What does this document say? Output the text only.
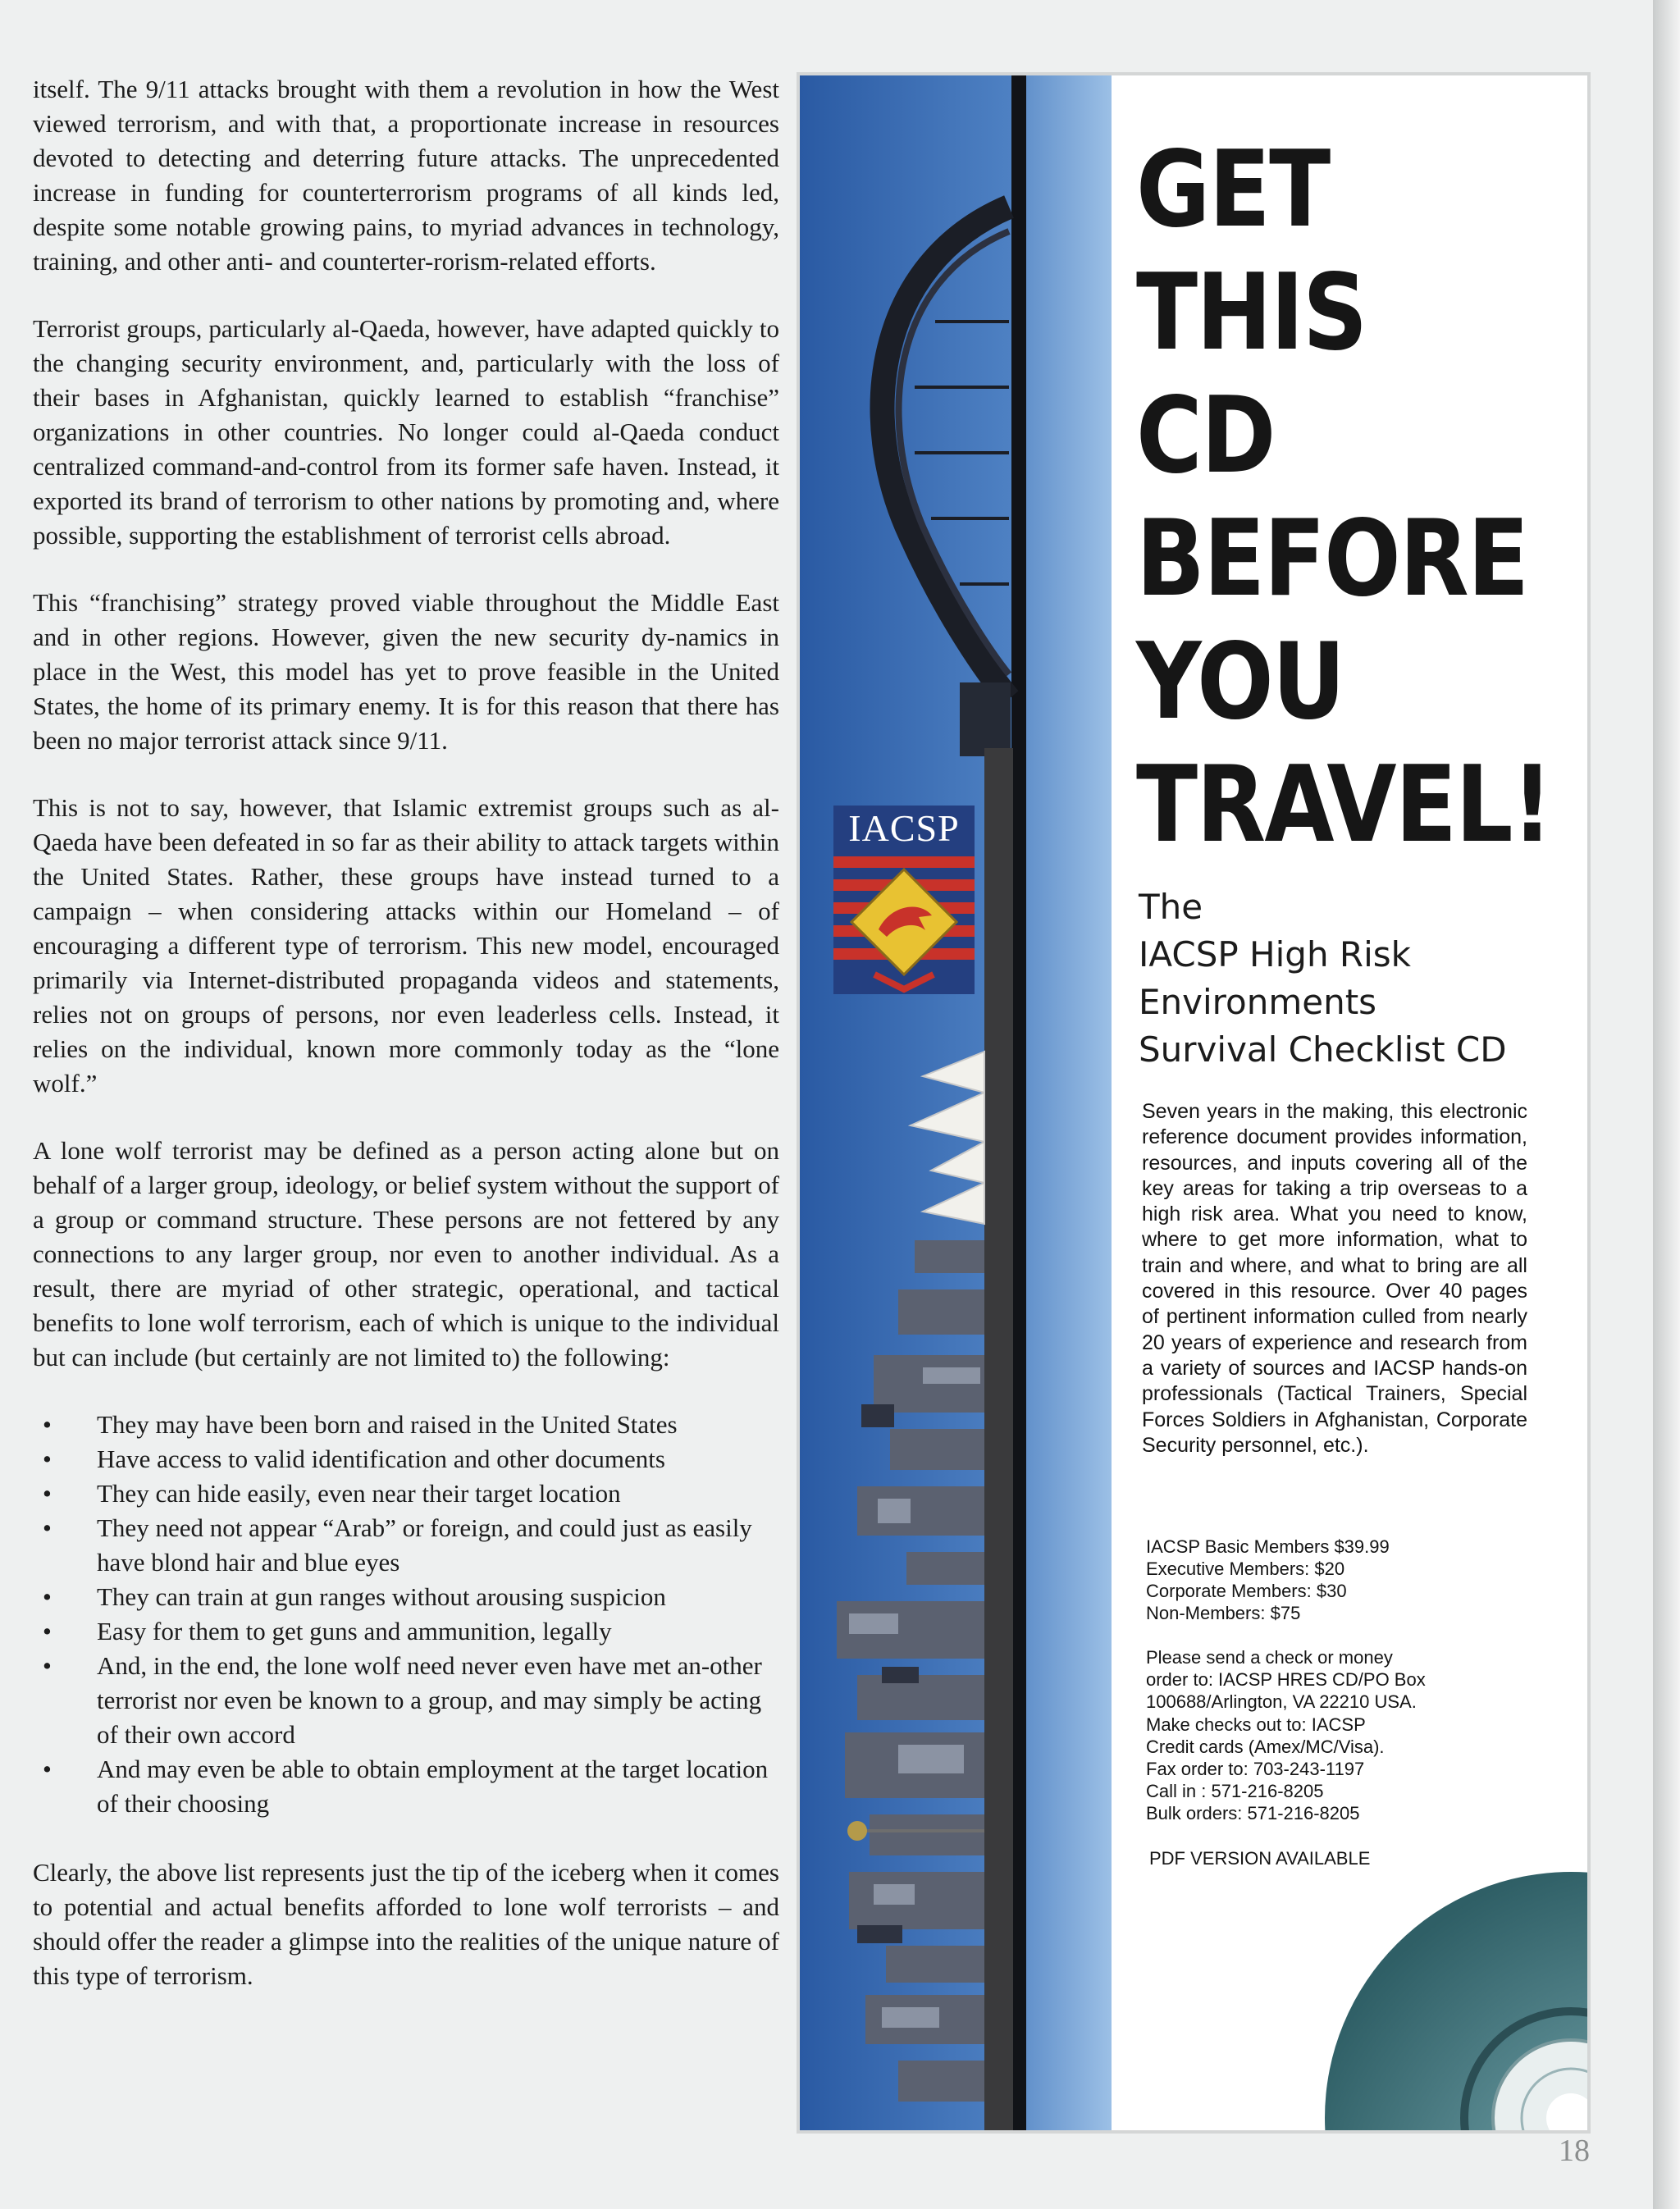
itself. The 9/11 attacks brought with them a revolution in how the West viewed terrorism, and with that, a proportionate increase in resources devoted to detecting and deterring future attacks. The unprecedented increase in funding for counterterrorism programs of all kinds led, despite some notable growing pains, to myriad advances in technology, training, and other anti- and counterter-rorism-related efforts.

Terrorist groups, particularly al-Qaeda, however, have adapted quickly to the changing security environment, and, particularly with the loss of their bases in Afghanistan, quickly learned to establish “franchise” organizations in other countries. No longer could al-Qaeda conduct centralized command-and-control from its former safe haven. Instead, it exported its brand of terrorism to other nations by promoting and, where possible, supporting the establishment of terrorist cells abroad.

This “franchising” strategy proved viable throughout the Middle East and in other regions. However, given the new security dy-namics in place in the West, this model has yet to prove feasible in the United States, the home of its primary enemy. It is for this reason that there has been no major terrorist attack since 9/11.

This is not to say, however, that Islamic extremist groups such as al-Qaeda have been defeated in so far as their ability to attack targets within the United States. Rather, these groups have instead turned to a campaign – when considering attacks within our Homeland – of encouraging a different type of terrorism. This new model, encouraged primarily via Internet-distributed propaganda videos and statements, relies not on groups of persons, nor even leaderless cells. Instead, it relies on the individual, known more commonly today as the “lone wolf.”

A lone wolf terrorist may be defined as a person acting alone but on behalf of a larger group, ideology, or belief system without the support of a group or command structure. These persons are not fettered by any connections to any larger group, nor even to another individual. As a result, there are myriad of other strategic, operational, and tactical benefits to lone wolf terrorism, each of which is unique to the individual but can include (but certainly are not limited to) the following:

• They may have been born and raised in the United States
• Have access to valid identification and other documents
• They can hide easily, even near their target location
• They need not appear “Arab” or foreign, and could just as easily have blond hair and blue eyes
• They can train at gun ranges without arousing suspicion
• Easy for them to get guns and ammunition, legally
• And, in the end, the lone wolf need never even have met an-other terrorist nor even be known to a group, and may simply be acting of their own accord
• And may even be able to obtain employment at the target location of their choosing

Clearly, the above list represents just the tip of the iceberg when it comes to potential and actual benefits afforded to lone wolf terrorists – and should offer the reader a glimpse into the realities of the unique nature of this type of terrorism.

IACSP
GET
THIS
CD
BEFORE
YOU
TRAVEL!
The
IACSP High Risk
Environments
Survival Checklist CD

Seven years in the making, this electronic reference document provides information, resources, and inputs covering all of the key areas for taking a trip overseas to a high risk area. What you need to know, where to get more information, what to train and where, and what to bring are all covered in this resource. Over 40 pages of pertinent information culled from nearly 20 years of experience and research from a variety of sources and IACSP hands-on professionals (Tactical Trainers, Special Forces Soldiers in Afghanistan, Corporate Security personnel, etc.).

IACSP Basic Members $39.99
Executive Members: $20
Corporate Members: $30
Non-Members: $75
Please send a check or money
order to: IACSP HRES CD/PO Box
100688/Arlington, VA 22210 USA.
Make checks out to: IACSP
Credit cards (Amex/MC/Visa).
Fax order to: 703-243-1197
Call in : 571-216-8205
Bulk orders: 571-216-8205
PDF VERSION AVAILABLE
18
